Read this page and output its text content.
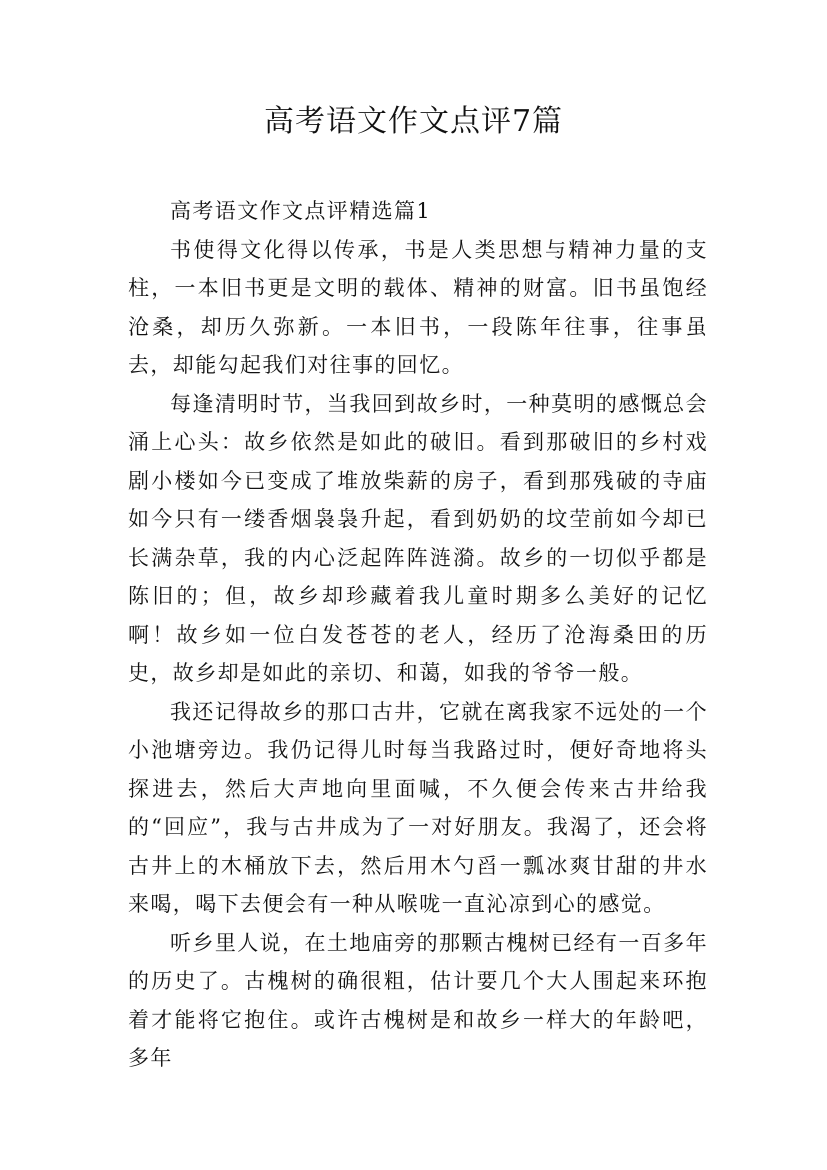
高考语文作文点评7篇

高考语文作文点评精选篇1

书使得文化得以传承，书是人类思想与精神力量的支柱，一本旧书更是文明的载体、精神的财富。旧书虽饱经沧桑，却历久弥新。一本旧书，一段陈年往事，往事虽去，却能勾起我们对往事的回忆。

每逢清明时节，当我回到故乡时，一种莫明的感慨总会涌上心头：故乡依然是如此的破旧。看到那破旧的乡村戏剧小楼如今已变成了堆放柴薪的房子，看到那残破的寺庙如今只有一缕香烟袅袅升起，看到奶奶的坟茔前如今却已长满杂草，我的内心泛起阵阵涟漪。故乡的一切似乎都是陈旧的；但，故乡却珍藏着我儿童时期多么美好的记忆啊！故乡如一位白发苍苍的老人，经历了沧海桑田的历史，故乡却是如此的亲切、和蔼，如我的爷爷一般。

我还记得故乡的那口古井，它就在离我家不远处的一个小池塘旁边。我仍记得儿时每当我路过时，便好奇地将头探进去，然后大声地向里面喊，不久便会传来古井给我的“回应”，我与古井成为了一对好朋友。我渴了，还会将古井上的木桶放下去，然后用木勺舀一瓢冰爽甘甜的井水来喝，喝下去便会有一种从喉咙一直沁凉到心的感觉。

听乡里人说，在土地庙旁的那颗古槐树已经有一百多年的历史了。古槐树的确很粗，估计要几个大人围起来环抱着才能将它抱住。或许古槐树是和故乡一样大的年龄吧，多年
